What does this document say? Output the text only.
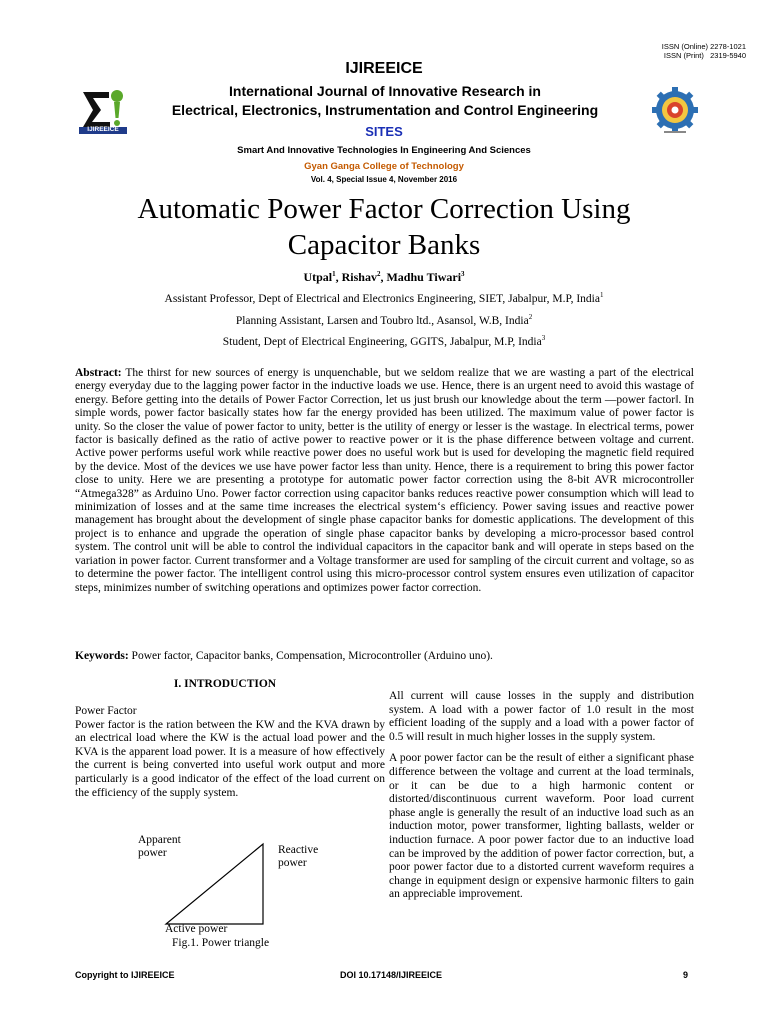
ISSN (Online) 2278-1021
ISSN (Print)   2319-5940
IJIREEICE
IJIREEICE
International Journal of Innovative Research in
Electrical, Electronics, Instrumentation and Control Engineering
SITES
Smart And Innovative Technologies In Engineering And Sciences
Gyan Ganga College of Technology
Vol. 4, Special Issue 4, November 2016
Automatic Power Factor Correction Using Capacitor Banks
Utpal$^1$, Rishav$^2$, Madhu Tiwari$^3$
Assistant Professor, Dept of Electrical and Electronics Engineering, SIET, Jabalpur, M.P, India$^1$
Planning Assistant, Larsen and Toubro ltd., Asansol, W.B, India$^2$
Student, Dept of Electrical Engineering, GGITS, Jabalpur, M.P, India$^3$
Abstract: The thirst for new sources of energy is unquenchable, but we seldom realize that we are wasting a part of the electrical energy everyday due to the lagging power factor in the inductive loads we use. Hence, there is an urgent need to avoid this wastage of energy. Before getting into the details of Power Factor Correction, let us just brush our knowledge about the term ―power factor‖. In simple words, power factor basically states how far the energy provided has been utilized. The maximum value of power factor is unity. So the closer the value of power factor to unity, better is the utility of energy or lesser is the wastage. In electrical terms, power factor is basically defined as the ratio of active power to reactive power or it is the phase difference between voltage and current. Active power performs useful work while reactive power does no useful work but is used for developing the magnetic field required by the device. Most of the devices we use have power factor less than unity. Hence, there is a requirement to bring this power factor close to unity. Here we are presenting a prototype for automatic power factor correction using the 8-bit AVR microcontroller “Atmega328” as Arduino Uno. Power factor correction using capacitor banks reduces reactive power consumption which will lead to minimization of losses and at the same time increases the electrical system‘s efficiency. Power saving issues and reactive power management has brought about the development of single phase capacitor banks for domestic applications. The development of this project is to enhance and upgrade the operation of single phase capacitor banks by developing a micro-processor based control system. The control unit will be able to control the individual capacitors in the capacitor bank and will operate in steps based on the variation in power factor. Current transformer and a Voltage transformer are used for sampling of the circuit current and voltage, so as to determine the power factor. The intelligent control using this micro-processor control system ensures even utilization of capacitor steps, minimizes number of switching operations and optimizes power factor correction.
Keywords: Power factor, Capacitor banks, Compensation, Microcontroller (Arduino uno).
I. INTRODUCTION
Power Factor
Power factor is the ration between the KW and the KVA drawn by an electrical load where the KW is the actual load power and the KVA is the apparent load power. It is a measure of how effectively the current is being converted into useful work output and more particularly is a good indicator of the effect of the load current on the efficiency of the supply system.
Apparent
power	Reactive
power
Active power
Fig.1. Power triangle

All current will cause losses in the supply and distribution system. A load with a power factor of 1.0 result in the most efficient loading of the supply and a load with a power factor of 0.5 will result in much higher losses in the supply system.

A poor power factor can be the result of either a significant phase difference between the voltage and current at the load terminals, or it can be due to a high harmonic content or distorted/discontinuous current waveform. Poor load current phase angle is generally the result of an inductive load such as an induction motor, power transformer, lighting ballasts, welder or induction furnace. A poor power factor due to an inductive load can be improved by the addition of power factor correction, but, a poor power factor due to a distorted current waveform requires a change in equipment design or expensive harmonic filters to gain an appreciable improvement.

Copyright to IJIREEICE	DOI 10.17148/IJIREEICE	9
